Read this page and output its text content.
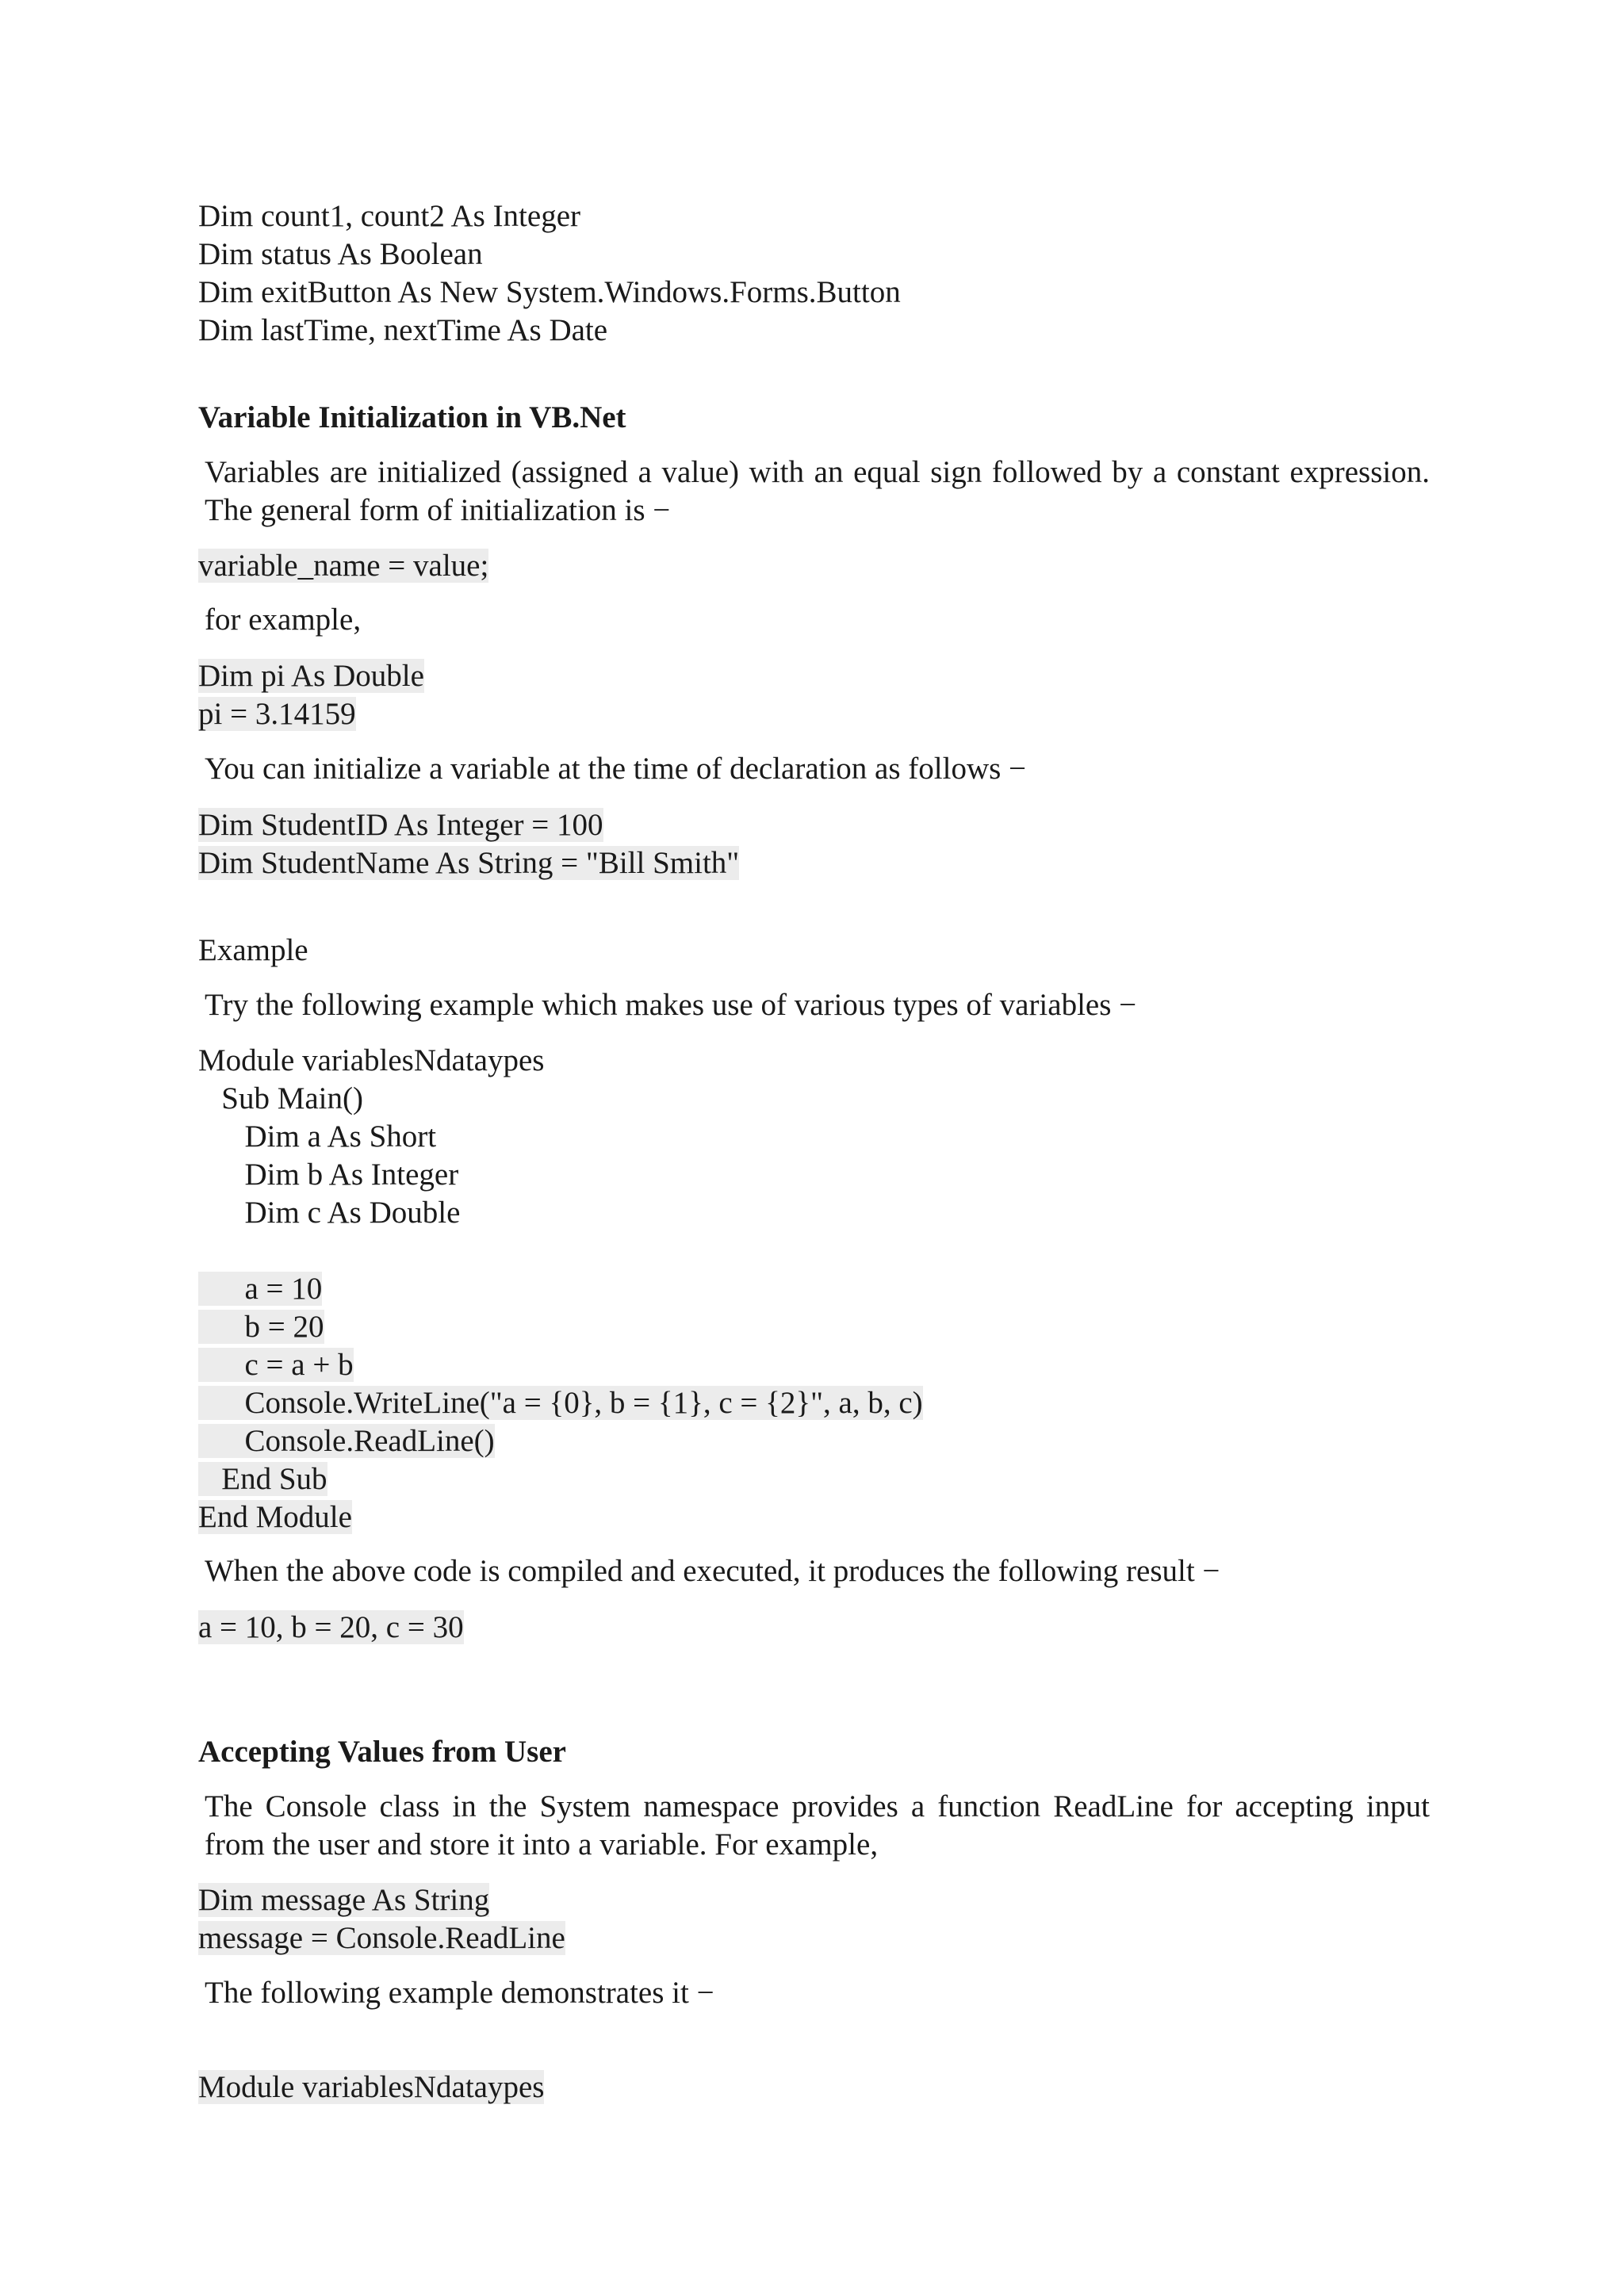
Dim count1, count2 As Integer
Dim status As Boolean
Dim exitButton As New System.Windows.Forms.Button
Dim lastTime, nextTime As Date
Variable Initialization in VB.Net
Variables are initialized (assigned a value) with an equal sign followed by a constant expression. The general form of initialization is −
variable_name = value;
for example,
Dim pi As Double
pi = 3.14159
You can initialize a variable at the time of declaration as follows −
Dim StudentID As Integer = 100
Dim StudentName As String = "Bill Smith"
Example
Try the following example which makes use of various types of variables −
Module variablesNdataypes
Sub Main()
Dim a As Short
Dim b As Integer
Dim c As Double
a = 10
b = 20
c = a + b
Console.WriteLine("a = {0}, b = {1}, c = {2}", a, b, c)
Console.ReadLine()
End Sub
End Module
When the above code is compiled and executed, it produces the following result −
a = 10, b = 20, c = 30
Accepting Values from User
The Console class in the System namespace provides a function ReadLine for accepting input from the user and store it into a variable. For example,
Dim message As String
message = Console.ReadLine
The following example demonstrates it −
Module variablesNdataypes
